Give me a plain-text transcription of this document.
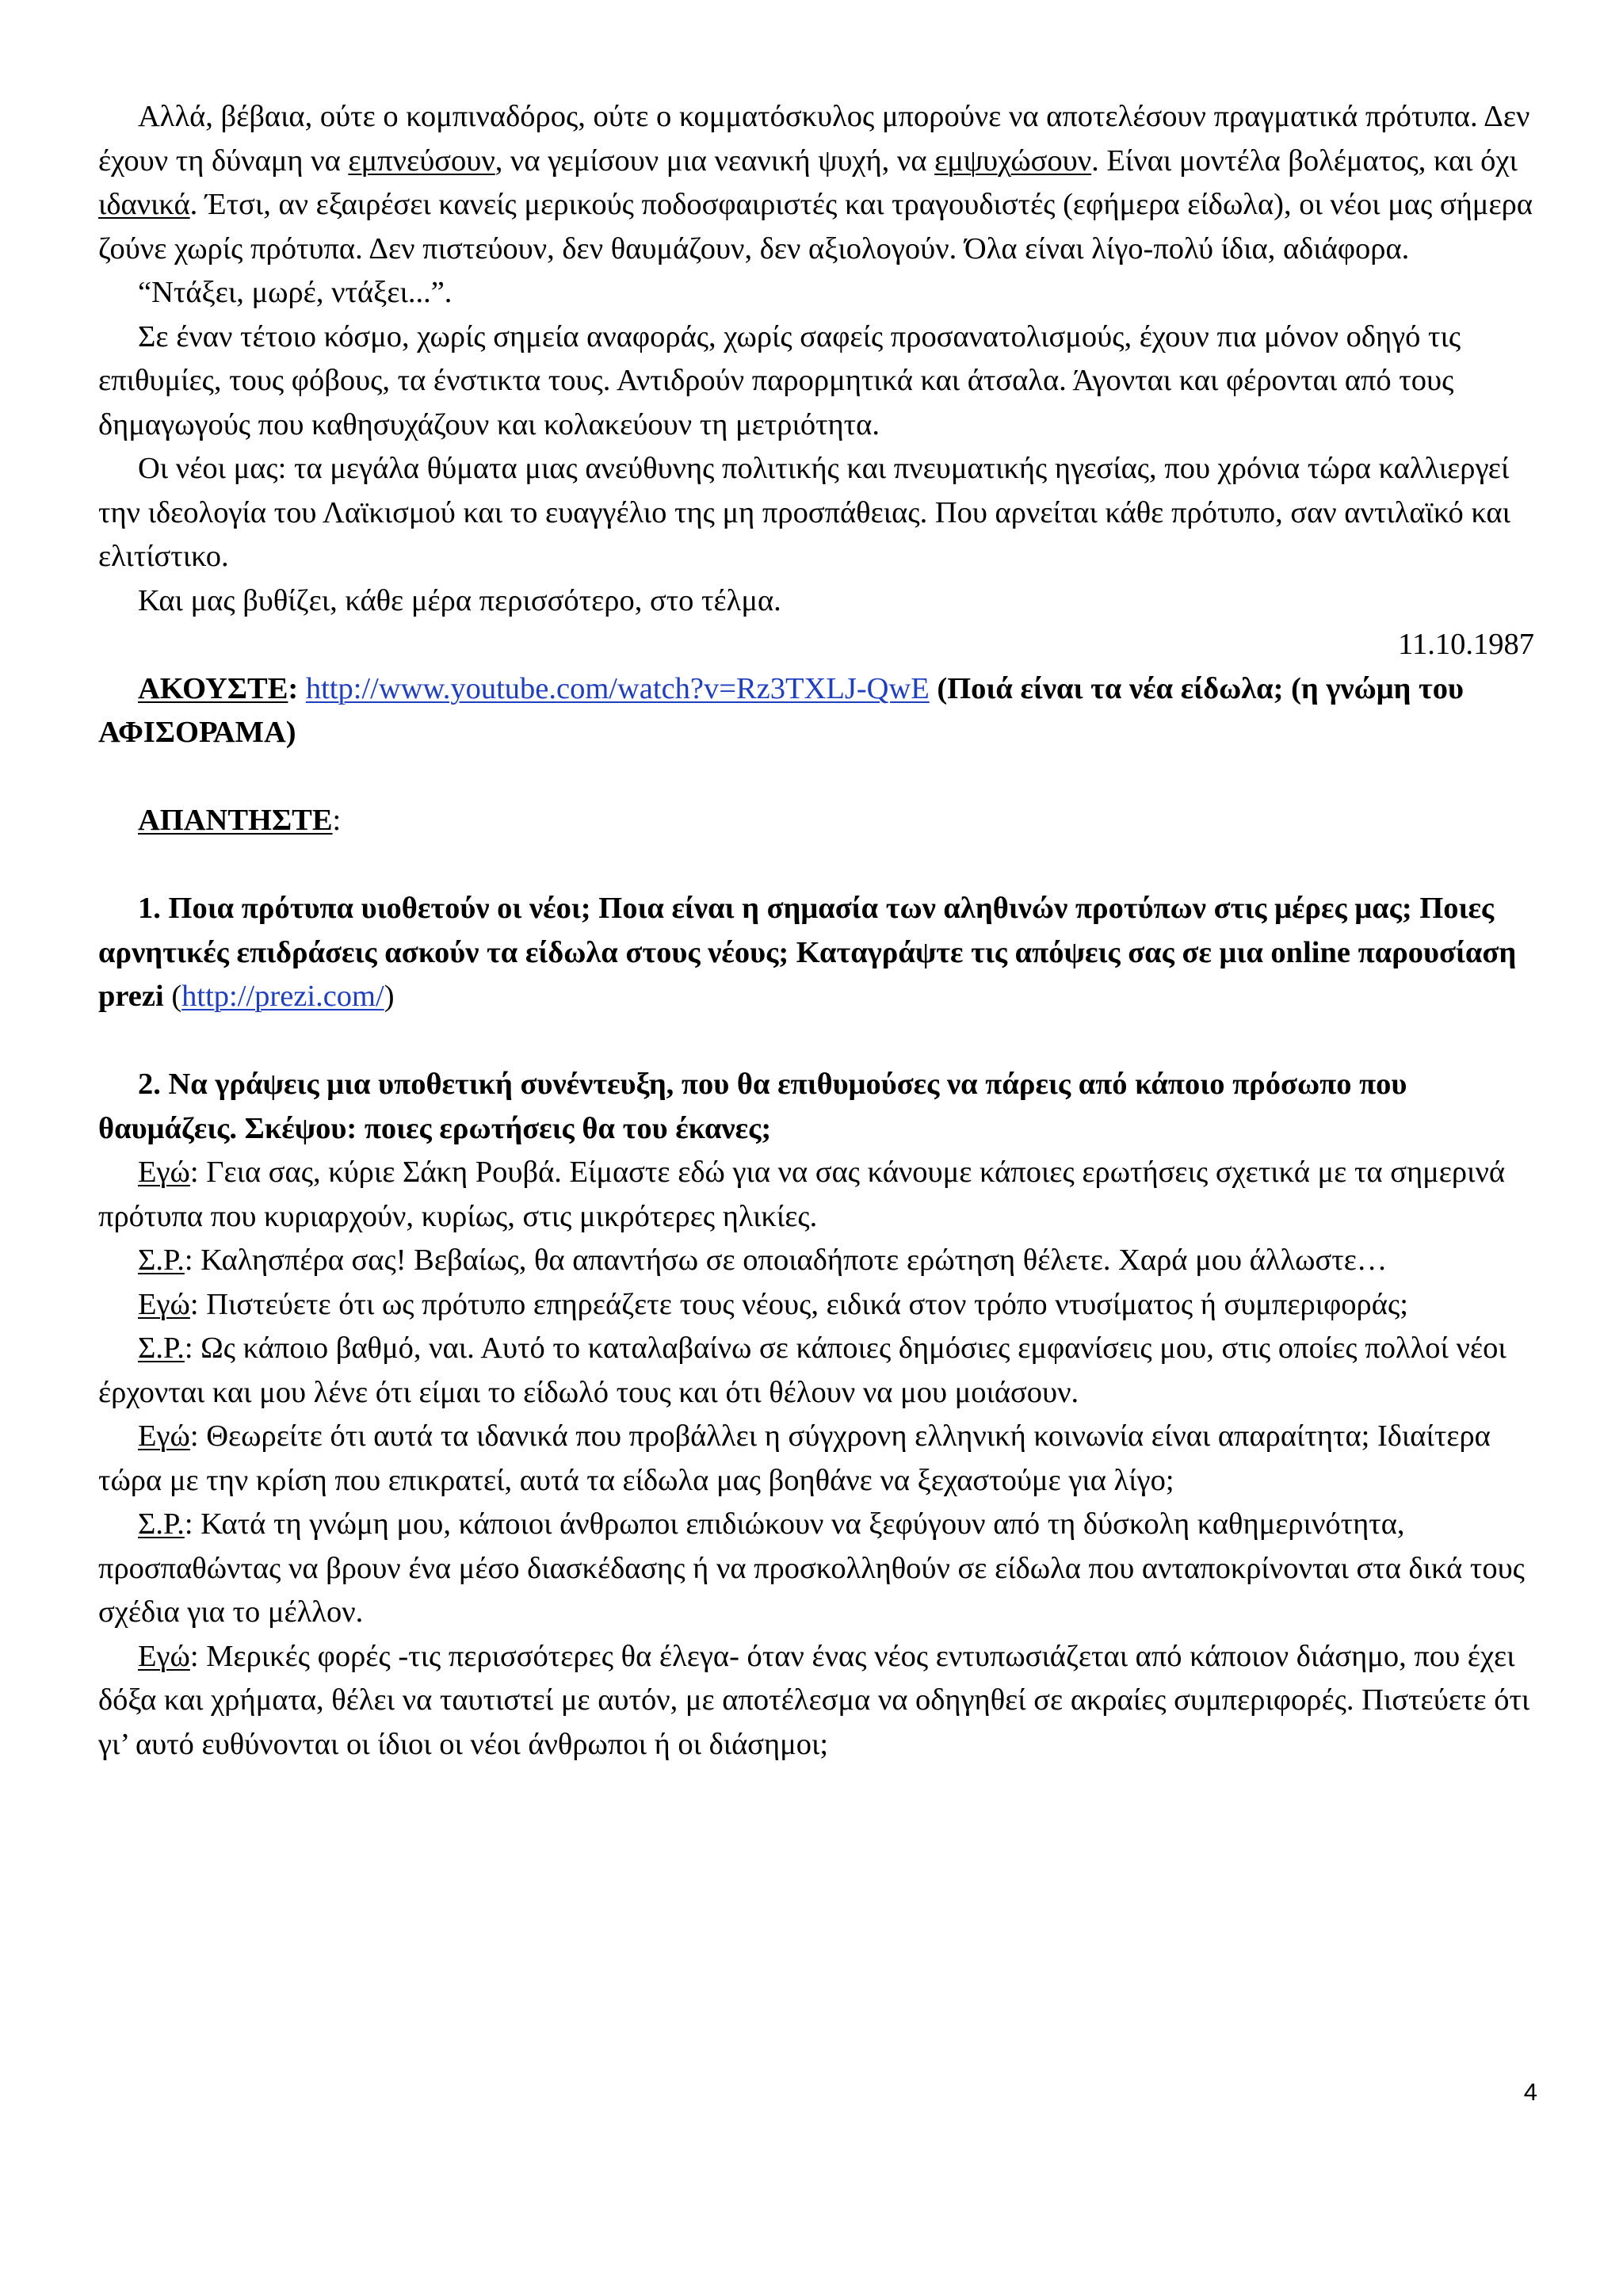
Αλλά, βέβαια, ούτε ο κομπιναδόρος, ούτε ο κομματόσκυλος μπορούνε να αποτελέσουν πραγματικά πρότυπα. Δεν έχουν τη δύναμη να εμπνεύσουν, να γεμίσουν μια νεανική ψυχή, να εμψυχώσουν. Είναι μοντέλα βολέματος, και όχι ιδανικά. Έτσι, αν εξαιρέσει κανείς μερικούς ποδοσφαιριστές και τραγουδιστές (εφήμερα είδωλα), οι νέοι μας σήμερα ζούνε χωρίς πρότυπα. Δεν πιστεύουν, δεν θαυμάζουν, δεν αξιολογούν. Όλα είναι λίγο-πολύ ίδια, αδιάφορα.

“Ντάξει, μωρέ, ντάξει...”.

Σε έναν τέτοιο κόσμο, χωρίς σημεία αναφοράς, χωρίς σαφείς προσανατολισμούς, έχουν πια μόνον οδηγό τις επιθυμίες, τους φόβους, τα ένστικτα τους. Αντιδρούν παρορμητικά και άτσαλα. Άγονται και φέρονται από τους δημαγωγούς που καθησυχάζουν και κολακεύουν τη μετριότητα.

Οι νέοι μας: τα μεγάλα θύματα μιας ανεύθυνης πολιτικής και πνευματικής ηγεσίας, που χρόνια τώρα καλλιεργεί την ιδεολογία του Λαϊκισμού και το ευαγγέλιο της μη προσπάθειας. Που αρνείται κάθε πρότυπο, σαν αντιλαϊκό και ελιτίστικο.

Και μας βυθίζει, κάθε μέρα περισσότερο, στο τέλμα.

11.10.1987

ΑΚΟΥΣΤΕ: http://www.youtube.com/watch?v=Rz3TXLJ-QwE (Ποιά είναι τα νέα είδωλα; (η γνώμη του ΑΦΙΣΟΡΑΜΑ)

ΑΠΑΝΤΗΣΤΕ:

1. Ποια πρότυπα υιοθετούν οι νέοι; Ποια είναι η σημασία των αληθινών προτύπων στις μέρες μας; Ποιες αρνητικές επιδράσεις ασκούν τα είδωλα στους νέους; Καταγράψτε τις απόψεις σας σε μια online παρουσίαση prezi (http://prezi.com/)

2. Να γράψεις μια υποθετική συνέντευξη, που θα επιθυμούσες να πάρεις από κάποιο πρόσωπο που θαυμάζεις. Σκέψου: ποιες ερωτήσεις θα του έκανες;

Εγώ: Γεια σας, κύριε Σάκη Ρουβά. Είμαστε εδώ για να σας κάνουμε κάποιες ερωτήσεις σχετικά με τα σημερινά πρότυπα που κυριαρχούν, κυρίως, στις μικρότερες ηλικίες.

Σ.Ρ.: Καλησπέρα σας! Βεβαίως, θα απαντήσω σε οποιαδήποτε ερώτηση θέλετε. Χαρά μου άλλωστε…

Εγώ: Πιστεύετε ότι ως πρότυπο επηρεάζετε τους νέους, ειδικά στον τρόπο ντυσίματος ή συμπεριφοράς;

Σ.Ρ.: Ως κάποιο βαθμό, ναι. Αυτό το καταλαβαίνω σε κάποιες δημόσιες εμφανίσεις μου, στις οποίες πολλοί νέοι έρχονται και μου λένε ότι είμαι το είδωλό τους και ότι θέλουν να μου μοιάσουν.

Εγώ: Θεωρείτε ότι αυτά τα ιδανικά που προβάλλει η σύγχρονη ελληνική κοινωνία είναι απαραίτητα; Ιδιαίτερα τώρα με την κρίση που επικρατεί, αυτά τα είδωλα μας βοηθάνε να ξεχαστούμε για λίγο;

Σ.Ρ.: Κατά τη γνώμη μου, κάποιοι άνθρωποι επιδιώκουν να ξεφύγουν από τη δύσκολη καθημερινότητα, προσπαθώντας να βρουν ένα μέσο διασκέδασης ή να προσκολληθούν σε είδωλα που ανταποκρίνονται στα δικά τους σχέδια για το μέλλον.

Εγώ: Μερικές φορές -τις περισσότερες θα έλεγα- όταν ένας νέος εντυπωσιάζεται από κάποιον διάσημο, που έχει δόξα και χρήματα, θέλει να ταυτιστεί με αυτόν, με αποτέλεσμα να οδηγηθεί σε ακραίες συμπεριφορές. Πιστεύετε ότι γι’ αυτό ευθύνονται οι ίδιοι οι νέοι άνθρωποι ή οι διάσημοι;

4
